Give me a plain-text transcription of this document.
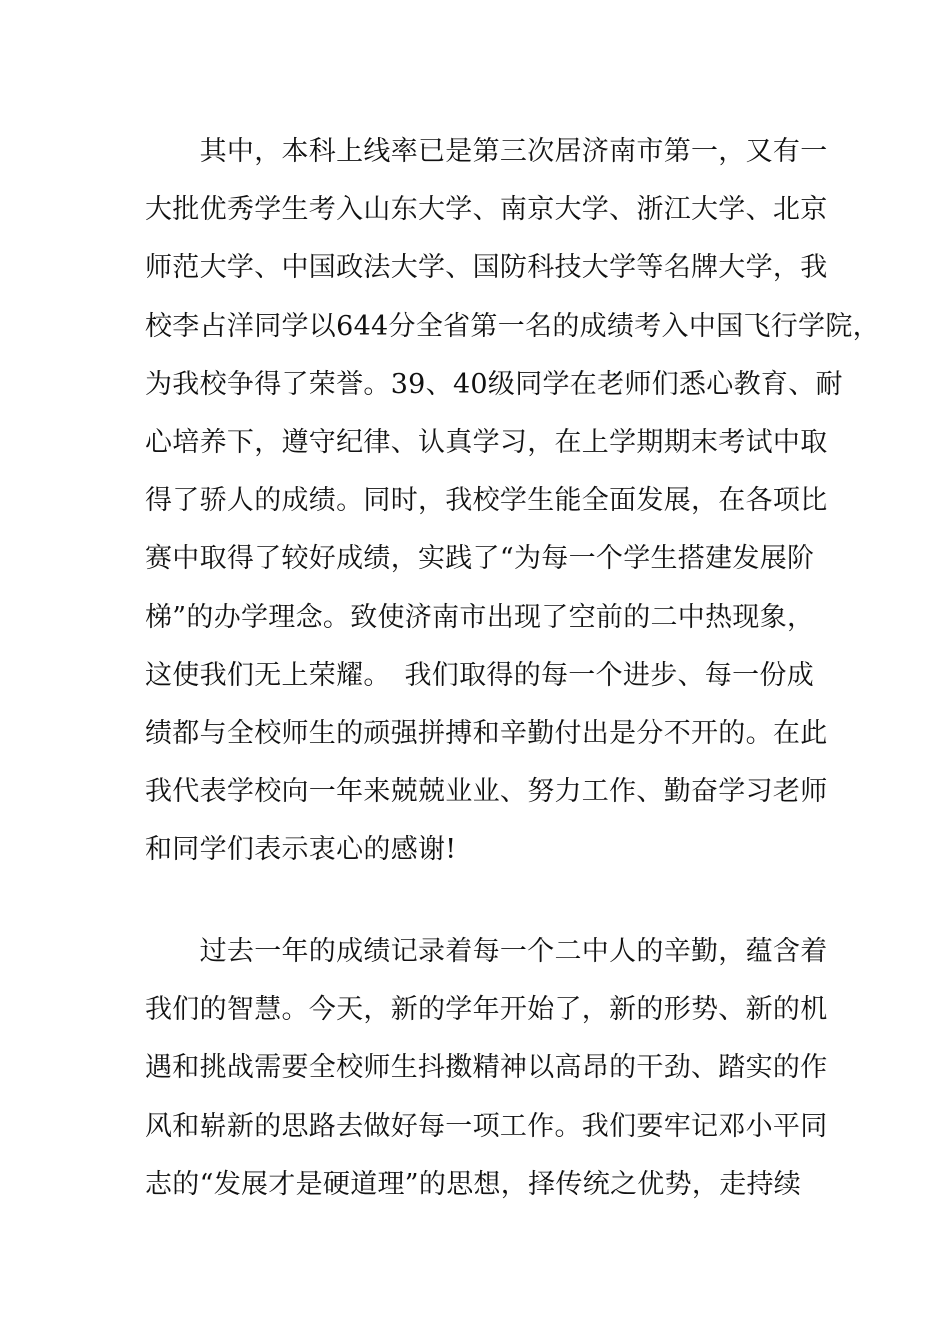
　　其中，本科上线率已是第三次居济南市第一，又有一
大批优秀学生考入山东大学、南京大学、浙江大学、北京
师范大学、中国政法大学、国防科技大学等名牌大学，我
校李占洋同学以644分全省第一名的成绩考入中国飞行学院，
为我校争得了荣誉。39、40级同学在老师们悉心教育、耐
心培养下，遵守纪律、认真学习，在上学期期末考试中取
得了骄人的成绩。同时，我校学生能全面发展，在各项比
赛中取得了较好成绩，实践了“为每一个学生搭建发展阶
梯”的办学理念。致使济南市出现了空前的二中热现象，
这使我们无上荣耀。　我们取得的每一个进步、每一份成
绩都与全校师生的顽强拼搏和辛勤付出是分不开的。在此
我代表学校向一年来兢兢业业、努力工作、勤奋学习老师
和同学们表示衷心的感谢!
　　过去一年的成绩记录着每一个二中人的辛勤，蕴含着
我们的智慧。今天，新的学年开始了，新的形势、新的机
遇和挑战需要全校师生抖擞精神以高昂的干劲、踏实的作
风和崭新的思路去做好每一项工作。我们要牢记邓小平同
志的“发展才是硬道理”的思想，择传统之优势，走持续
